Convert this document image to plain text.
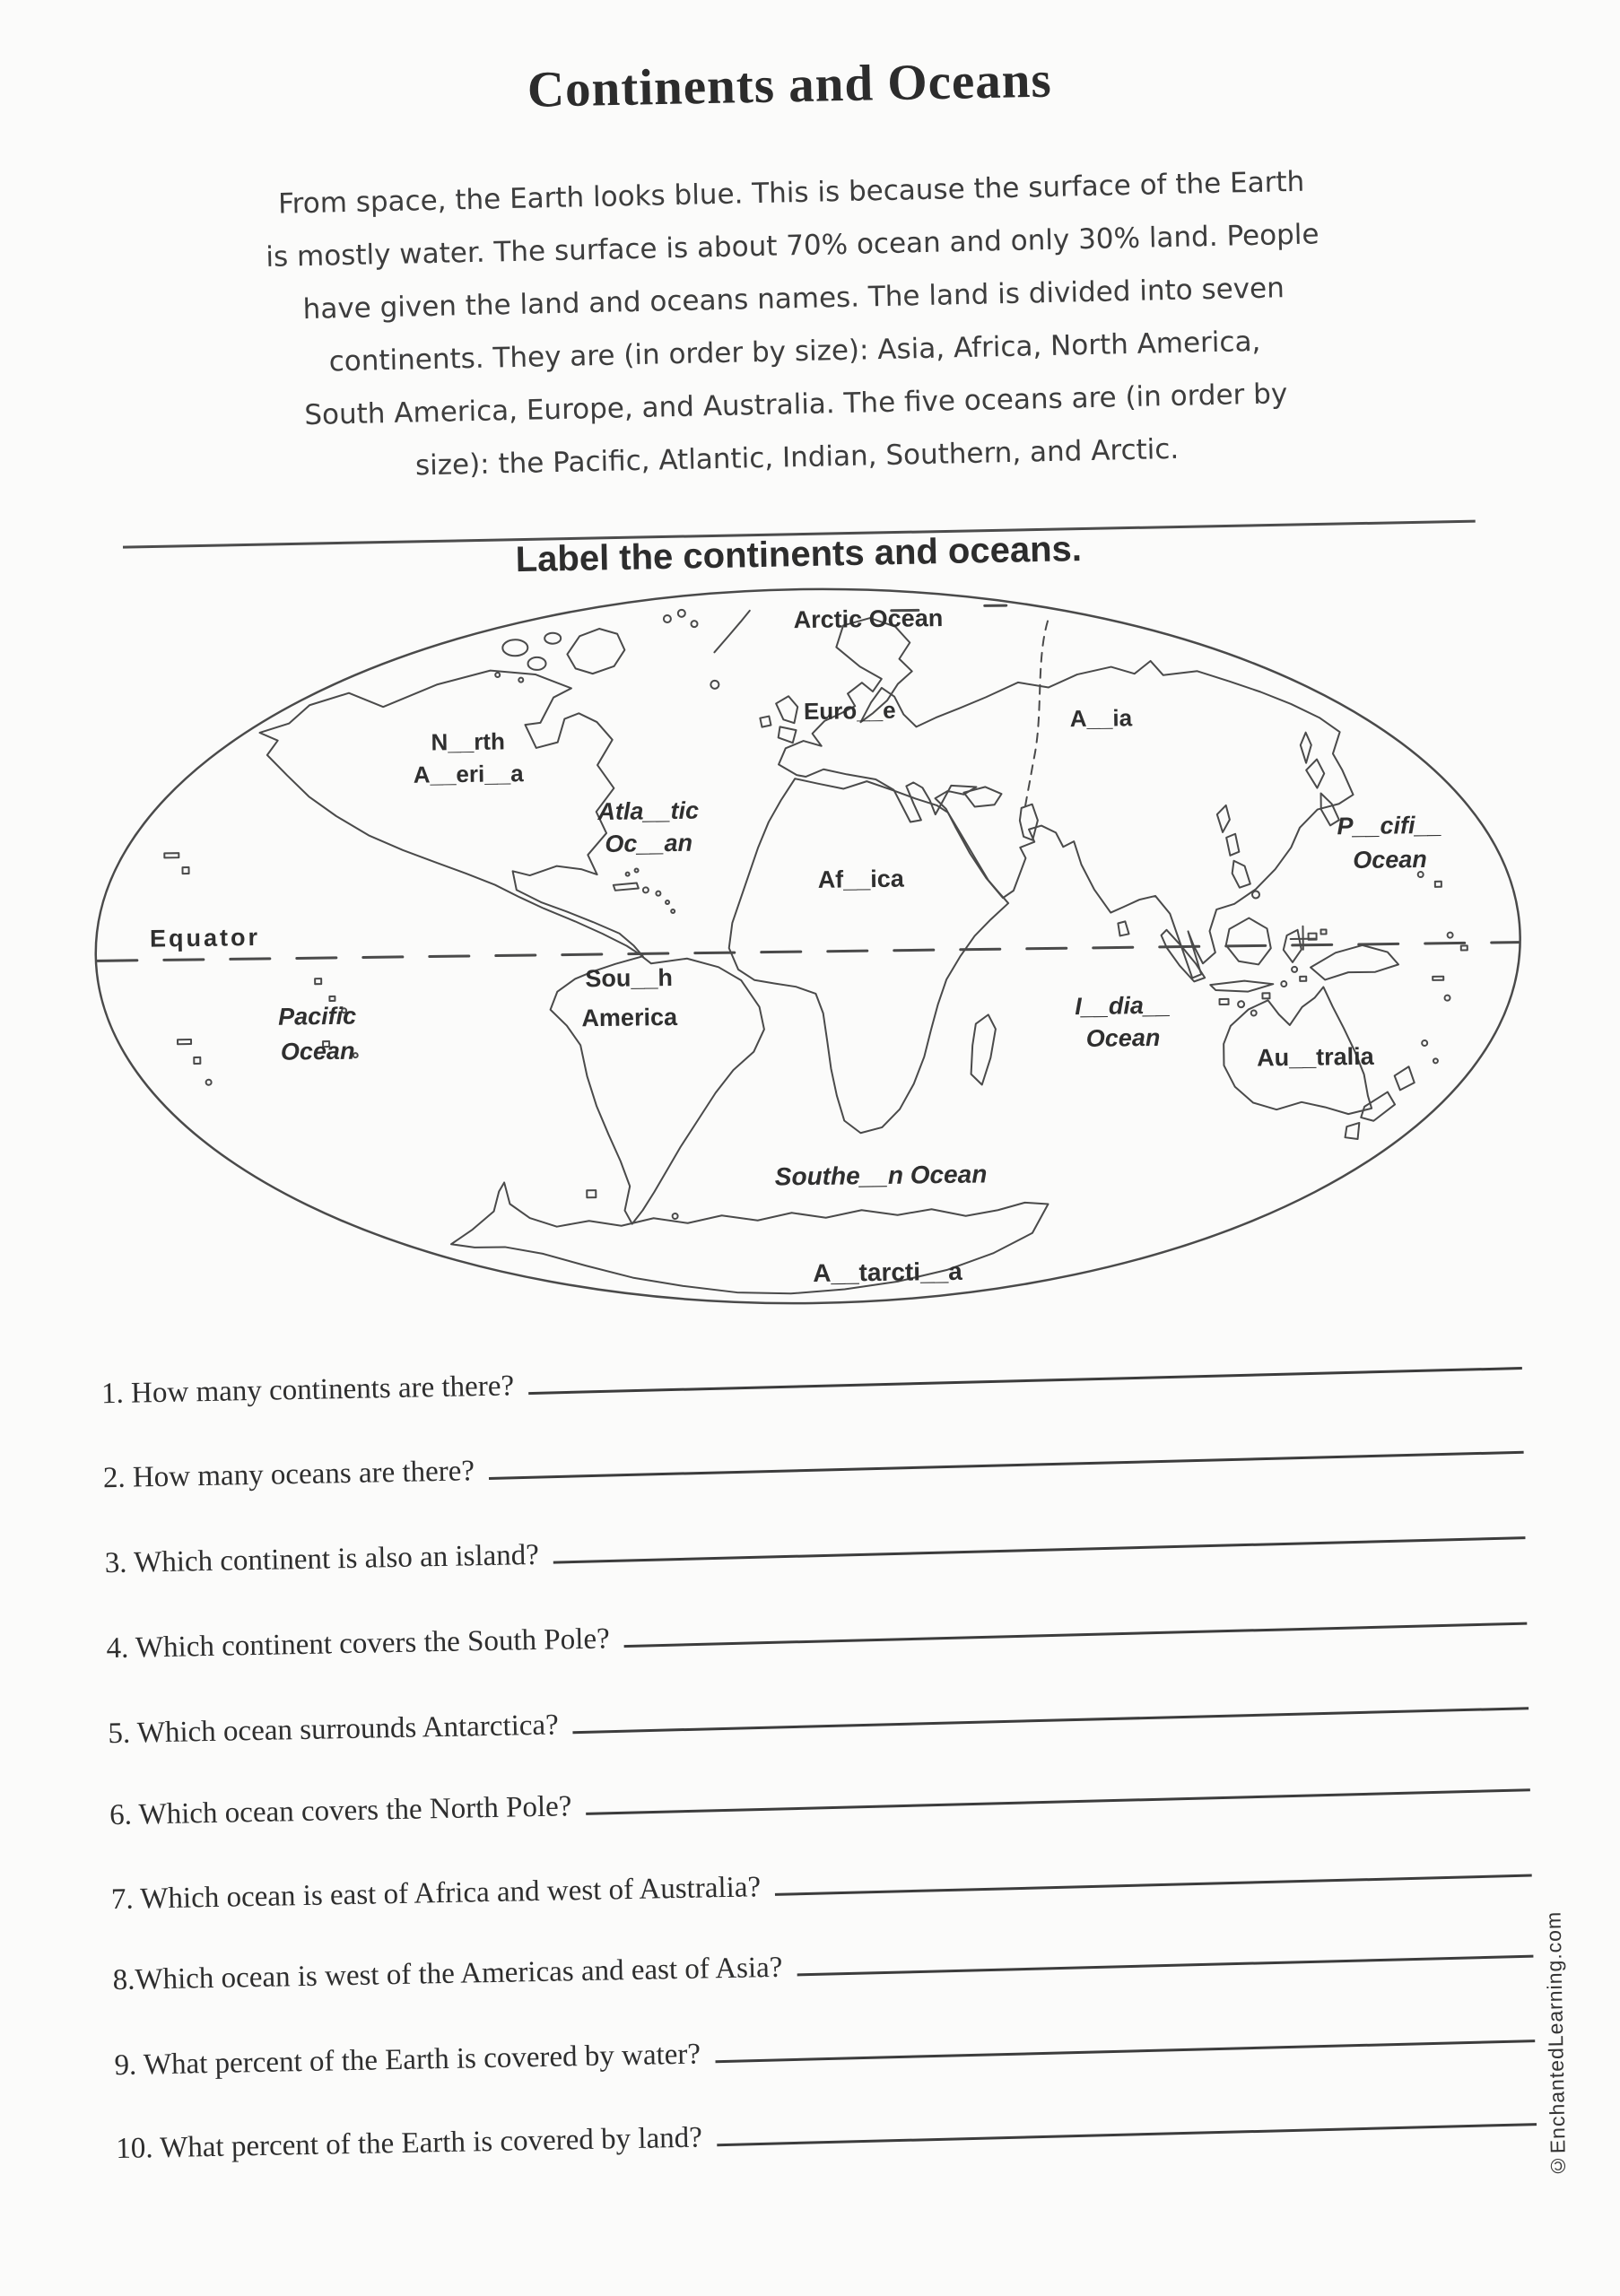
Continents and Oceans
From space, the Earth looks blue. This is because the surface of the Earth
is mostly water. The surface is about 70% ocean and only 30% land. People
have given the land and oceans names. The land is divided into seven
continents. They are (in order by size): Asia, Africa, North America,
South America, Europe, and Australia. The five oceans are (in order by
size): the Pacific, Atlantic, Indian, Southern, and Arctic.
Label the continents and oceans.
Arctic Ocean
N__rth
A__eri__a
Euro__e	A__ia
Atla__tic
Oc__an
Af__ica
P__cifi__
Ocean
Equator
Pacific
Ocean
Sou__h
America	I__dia__
Ocean
Au__tralia
Southe__n Ocean
A__tarcti__a
1. How many continents are there?
2. How many oceans are there?
3. Which continent is also an island?
4. Which continent covers the South Pole?
5. Which ocean surrounds Antarctica?
6. Which ocean covers the North Pole?
7. Which ocean is east of Africa and west of Australia?
8.Which ocean is west of the Americas and east of Asia?
9. What percent of the Earth is covered by water?
10. What percent of the Earth is covered by land?	©EnchantedLearning.com
